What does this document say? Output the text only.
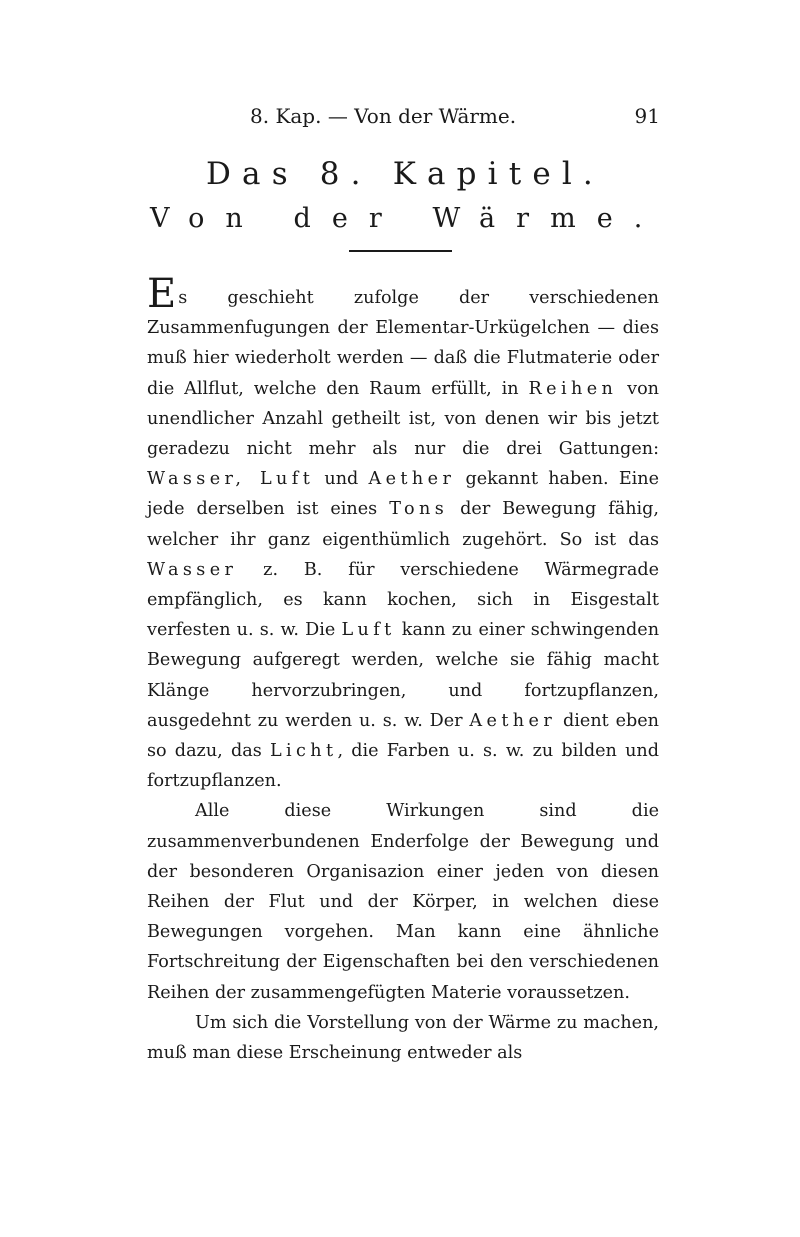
8. Kap. — Von der Wärme.	91
Das 8. Kapitel.
Von der Wärme.

Es geschieht zufolge der verschiedenen Zusammenfugungen der Elementar-Urkügelchen — dies muß hier wiederholt werden — daß die Flutmaterie oder die Allflut, welche den Raum erfüllt, in Reihen von unendlicher Anzahl getheilt ist, von denen wir bis jetzt geradezu nicht mehr als nur die drei Gattungen: Wasser, Luft und Aether gekannt haben. Eine jede derselben ist eines Tons der Bewegung fähig, welcher ihr ganz eigenthümlich zugehört. So ist das Wasser z. B. für verschiedene Wärmegrade empfänglich, es kann kochen, sich in Eisgestalt verfesten u. s. w. Die Luft kann zu einer schwingenden Bewegung aufgeregt werden, welche sie fähig macht Klänge hervorzubringen, und fortzupflanzen, ausgedehnt zu werden u. s. w. Der Aether dient eben so dazu, das Licht, die Farben u. s. w. zu bilden und fortzupflanzen.

Alle diese Wirkungen sind die zusammenverbundenen Enderfolge der Bewegung und der besonderen Organisazion einer jeden von diesen Reihen der Flut und der Körper, in welchen diese Bewegungen vorgehen. Man kann eine ähnliche Fortschreitung der Eigenschaften bei den verschiedenen Reihen der zusammengefügten Materie voraussetzen.

Um sich die Vorstellung von der Wärme zu machen, muß man diese Erscheinung entweder als
